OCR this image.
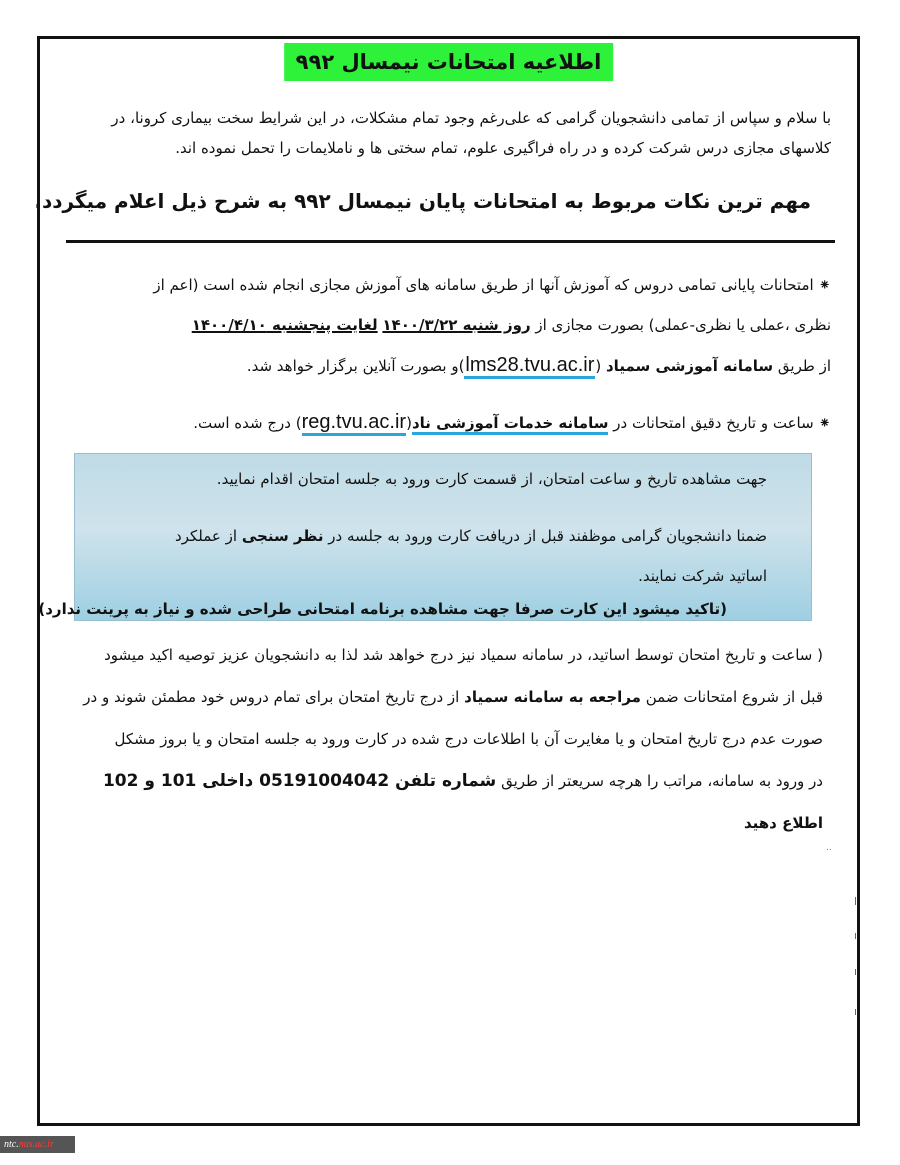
اطلاعیه امتحانات نیمسال ۹۹۲
با سلام و سپاس از تمامی دانشجویان گرامی که علی‌رغم وجود تمام مشکلات، در این شرایط سخت بیماری کرونا، در
کلاسهای مجازی درس شرکت کرده و در راه فراگیری علوم، تمام سختی ها و ناملایمات را تحمل نموده اند.
مهم ترین نکات مربوط به امتحانات پایان نیمسال ۹۹۲ به شرح ذیل اعلام میگردد.
⁕ امتحانات پایانی تمامی دروس که آموزش آنها از طریق سامانه های آموزش مجازی انجام شده است (اعم از
نظری ،عملی یا نظری-عملی) بصورت مجازی از روز شنبه ۱۴۰۰/۳/۲۲ لغایت پنجشنبه ۱۴۰۰/۴/۱۰
از طریق سامانه آموزشی سمیاد (lms28.tvu.ac.ir)و بصورت آنلاین برگزار خواهد شد.
⁕ ساعت و تاریخ دقیق امتحانات در سامانه خدمات آموزشی ناد(reg.tvu.ac.ir) درج شده است.
جهت مشاهده تاریخ و ساعت امتحان، از قسمت کارت ورود به جلسه امتحان اقدام نمایید.
ضمنا دانشجویان گرامی موظفند قبل از دریافت کارت ورود به جلسه در نظر سنجی از عملکرد
اساتید شرکت نمایند.
(تاکید میشود این کارت صرفا جهت مشاهده برنامه امتحانی طراحی شده و نیاز به پرینت ندارد)
( ساعت و تاریخ امتحان توسط اساتید، در سامانه سمیاد نیز درج خواهد شد لذا به دانشجویان عزیز توصیه اکید میشود
قبل از شروع امتحانات ضمن مراجعه به سامانه سمیاد از درج تاریخ امتحان برای تمام دروس خود مطمئن شوند و در
صورت عدم درج تاریخ امتحان و یا مغایرت آن با اطلاعات درج شده در کارت ورود به جلسه امتحان و یا بروز مشکل
در ورود به سامانه، مراتب را هرچه سریعتر از طریق شماره تلفن 05191004042 داخلی 101 و 102
اطلاع دهید
..
ntc.nus.ac.ir
